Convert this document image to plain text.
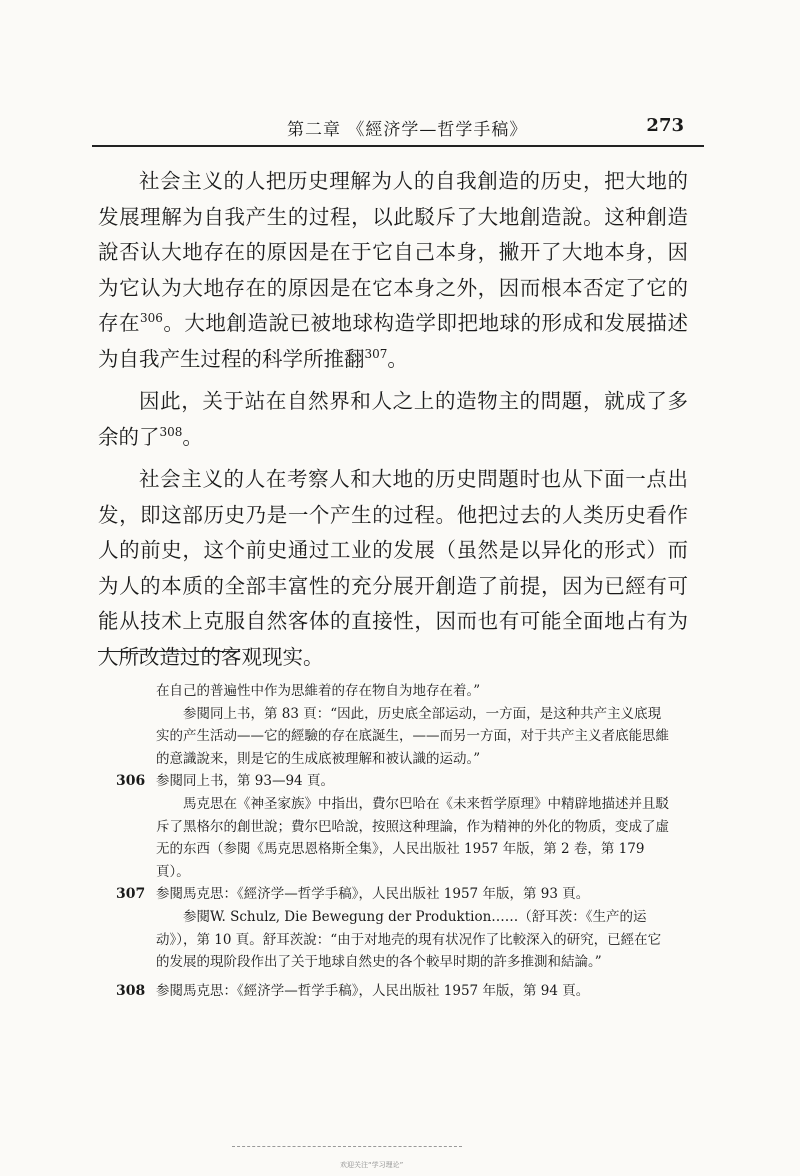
第二章 《經济学—哲学手稿》	273

社会主义的人把历史理解为人的自我創造的历史，把大地的发展理解为自我产生的过程，以此駁斥了大地創造說。这种創造說否认大地存在的原因是在于它自己本身，撇开了大地本身，因为它认为大地存在的原因是在它本身之外，因而根本否定了它的存在$^{306}$。大地創造說已被地球构造学即把地球的形成和发展描述为自我产生过程的科学所推翻$^{307}$。

因此，关于站在自然界和人之上的造物主的問題，就成了多余的了$^{308}$。

社会主义的人在考察人和大地的历史問題时也从下面一点出发，即这部历史乃是一个产生的过程。他把过去的人类历史看作人的前史，这个前史通过工业的发展（虽然是以异化的形式）而为人的本质的全部丰富性的充分展开創造了前提，因为已經有可能从技术上克服自然客体的直接性，因而也有可能全面地占有为人所改造过的客观现实。

在自己的普遍性中作为思維着的存在物自为地存在着。”

参閱同上书，第 83 頁：“因此，历史底全部运动，一方面，是这种共产主义底現实的产生活动——它的經驗的存在底誕生，——而另一方面，对于共产主义者底能思維的意識說来，則是它的生成底被理解和被认識的运动。”

306 参閱同上书，第 93—94 頁。

馬克思在《神圣家族》中指出，費尔巴哈在《未来哲学原理》中精辟地描述并且駁斥了黑格尔的創世說；費尔巴哈說，按照这种理論，作为精神的外化的物质，变成了虛无的东西（参閱《馬克思恩格斯全集》，人民出版社 1957 年版，第 2 卷，第 179 頁）。

307 参閱馬克思：《經济学—哲学手稿》，人民出版社 1957 年版，第 93 頁。

参閱W. Schulz, Die Bewegung der Produktion……（舒耳茨：《生产的运动》），第 10 頁。舒耳茨說：“由于对地壳的現有状况作了比較深入的研究，已經在它的发展的現阶段作出了关于地球自然史的各个較早时期的許多推測和結論。”

308 参閱馬克思：《經济学—哲学手稿》，人民出版社 1957 年版，第 94 頁。

欢迎关注“学习理论”
